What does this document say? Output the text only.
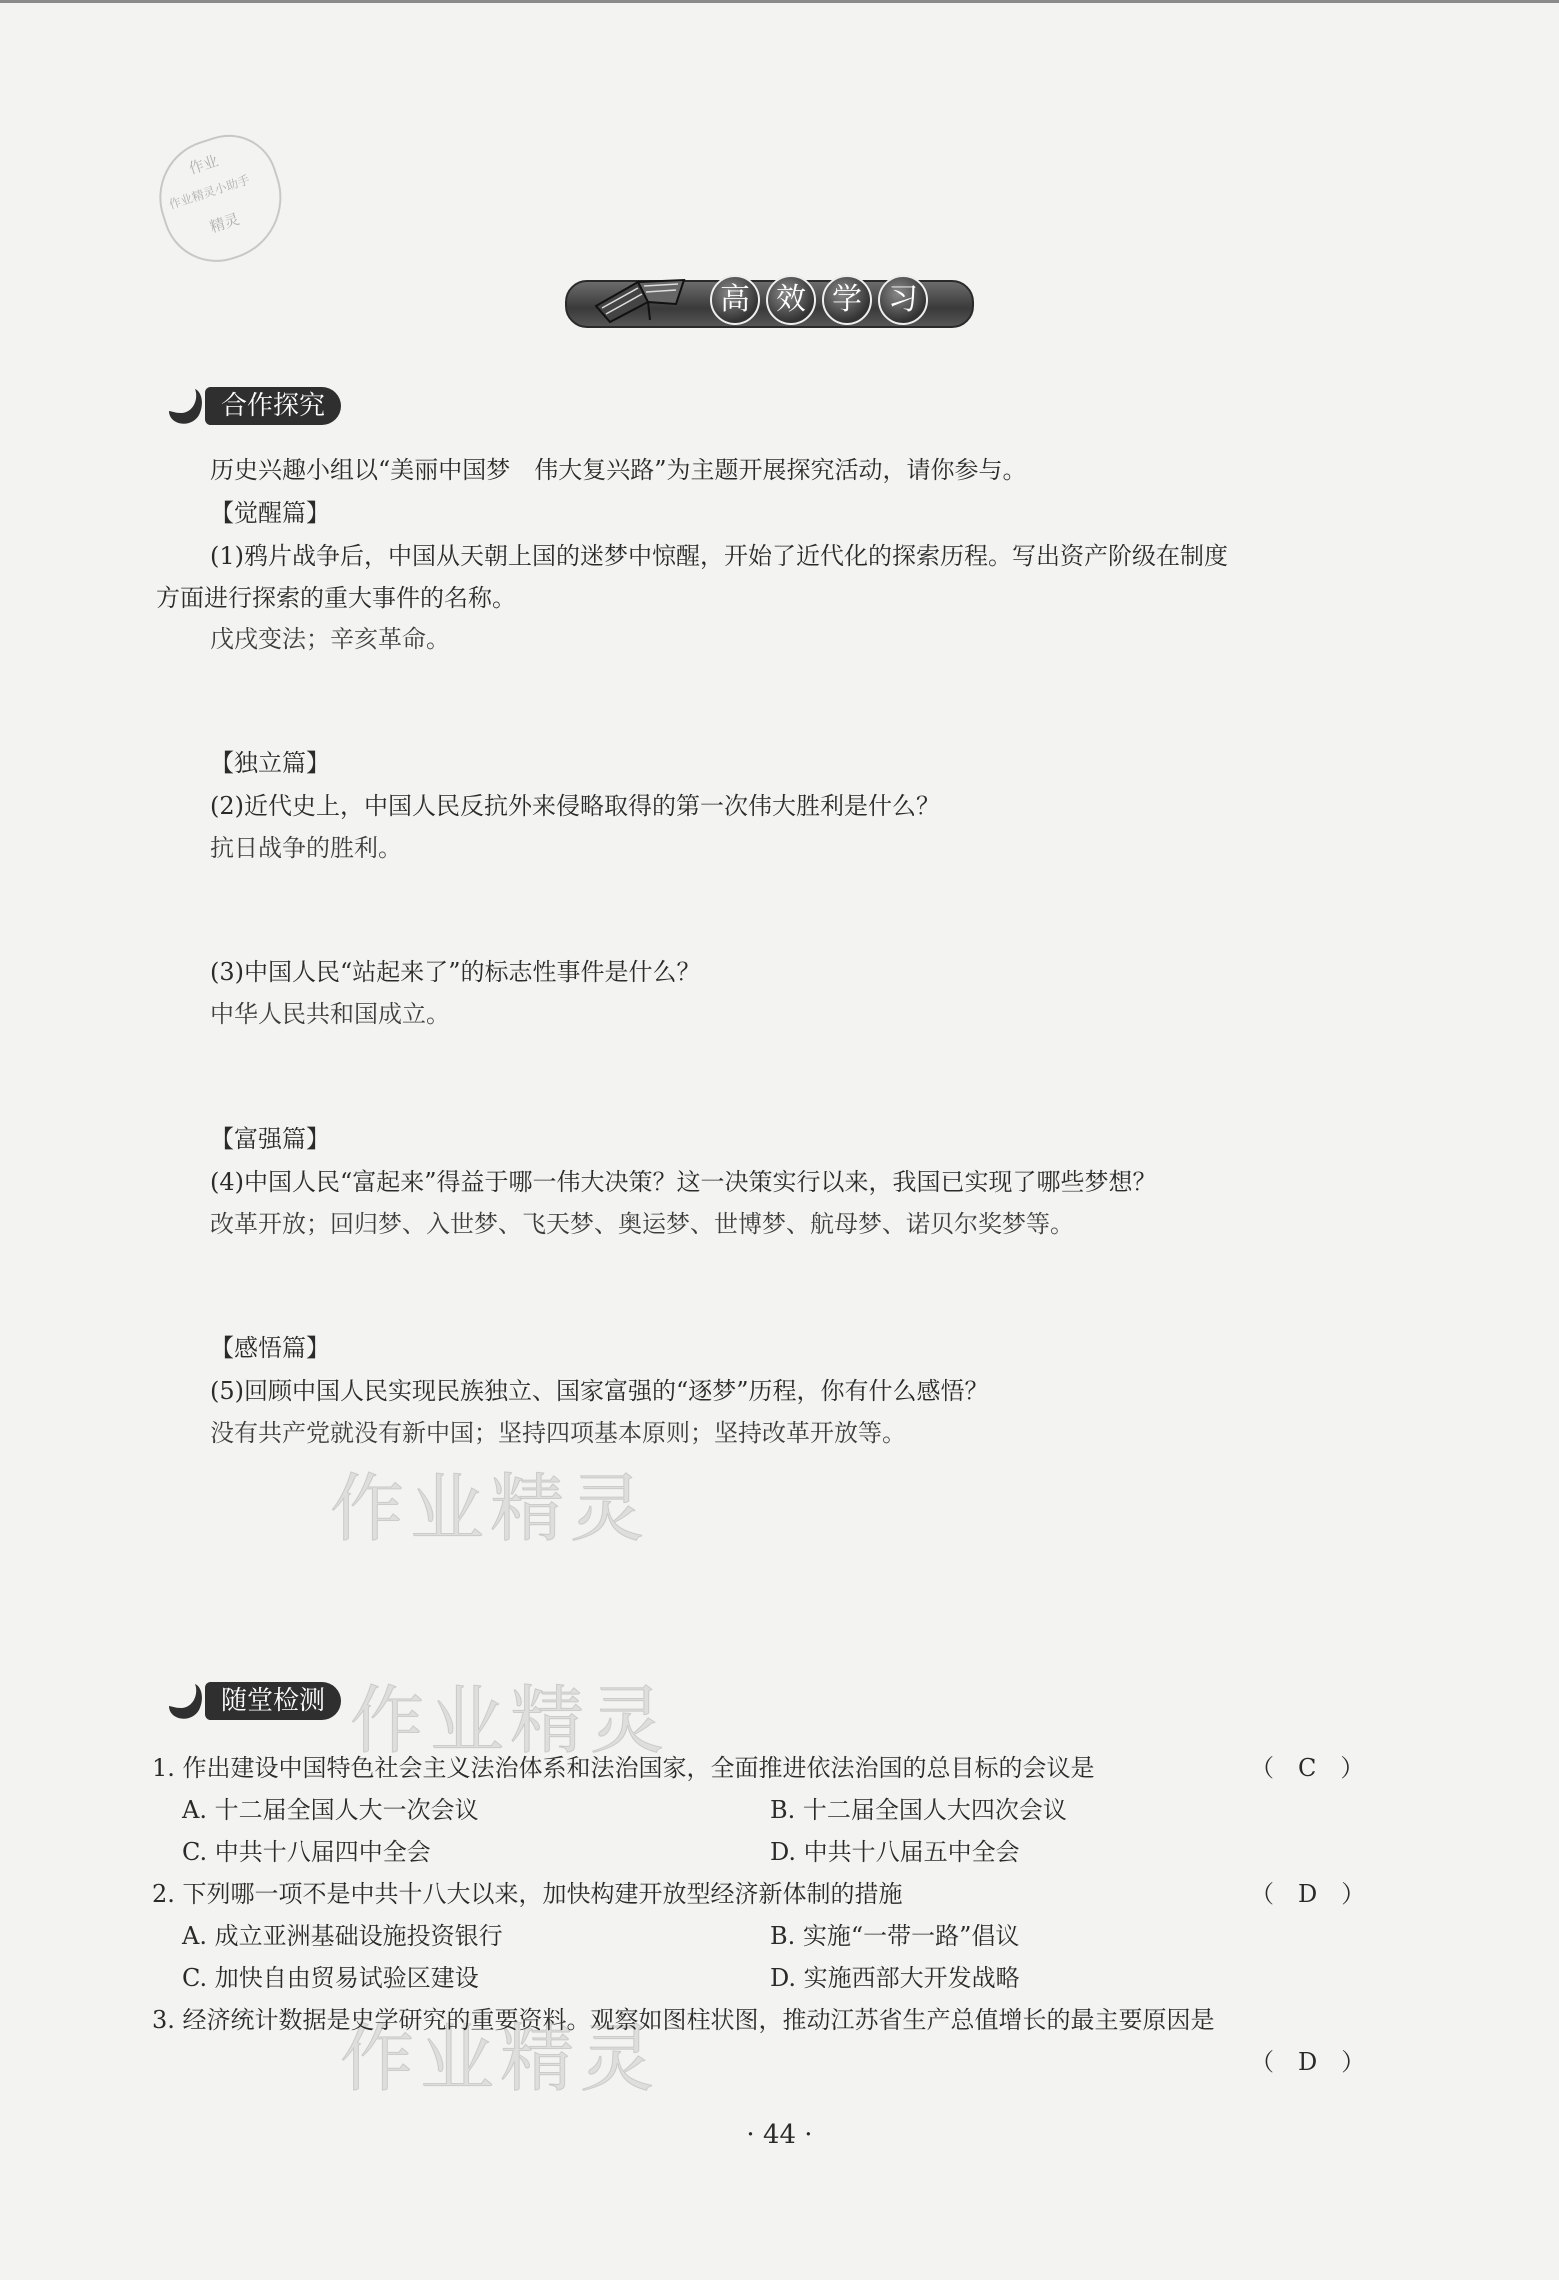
作业
作业精灵小助手
精灵
高 效 学 习
合作探究
历史兴趣小组以“美丽中国梦　伟大复兴路”为主题开展探究活动，请你参与。
【觉醒篇】
(1)鸦片战争后，中国从天朝上国的迷梦中惊醒，开始了近代化的探索历程。写出资产阶级在制度
方面进行探索的重大事件的名称。
戊戌变法；辛亥革命。
【独立篇】
(2)近代史上，中国人民反抗外来侵略取得的第一次伟大胜利是什么？
抗日战争的胜利。
(3)中国人民“站起来了”的标志性事件是什么？
中华人民共和国成立。
【富强篇】
(4)中国人民“富起来”得益于哪一伟大决策？这一决策实行以来，我国已实现了哪些梦想？
改革开放；回归梦、入世梦、飞天梦、奥运梦、世博梦、航母梦、诺贝尔奖梦等。
【感悟篇】
(5)回顾中国人民实现民族独立、国家富强的“逐梦”历程，你有什么感悟？
没有共产党就没有新中国；坚持四项基本原则；坚持改革开放等。
作业精灵
作业精灵
作业精灵
随堂检测
1. 作出建设中国特色社会主义法治体系和法治国家，全面推进依法治国的总目标的会议是	（　C　）
A. 十二届全国人大一次会议	B. 十二届全国人大四次会议
C. 中共十八届四中全会	D. 中共十八届五中全会
2. 下列哪一项不是中共十八大以来，加快构建开放型经济新体制的措施	（　D　）
A. 成立亚洲基础设施投资银行	B. 实施“一带一路”倡议
C. 加快自由贸易试验区建设	D. 实施西部大开发战略
3. 经济统计数据是史学研究的重要资料。观察如图柱状图，推动江苏省生产总值增长的最主要原因是
（　D　）
· 44 ·
